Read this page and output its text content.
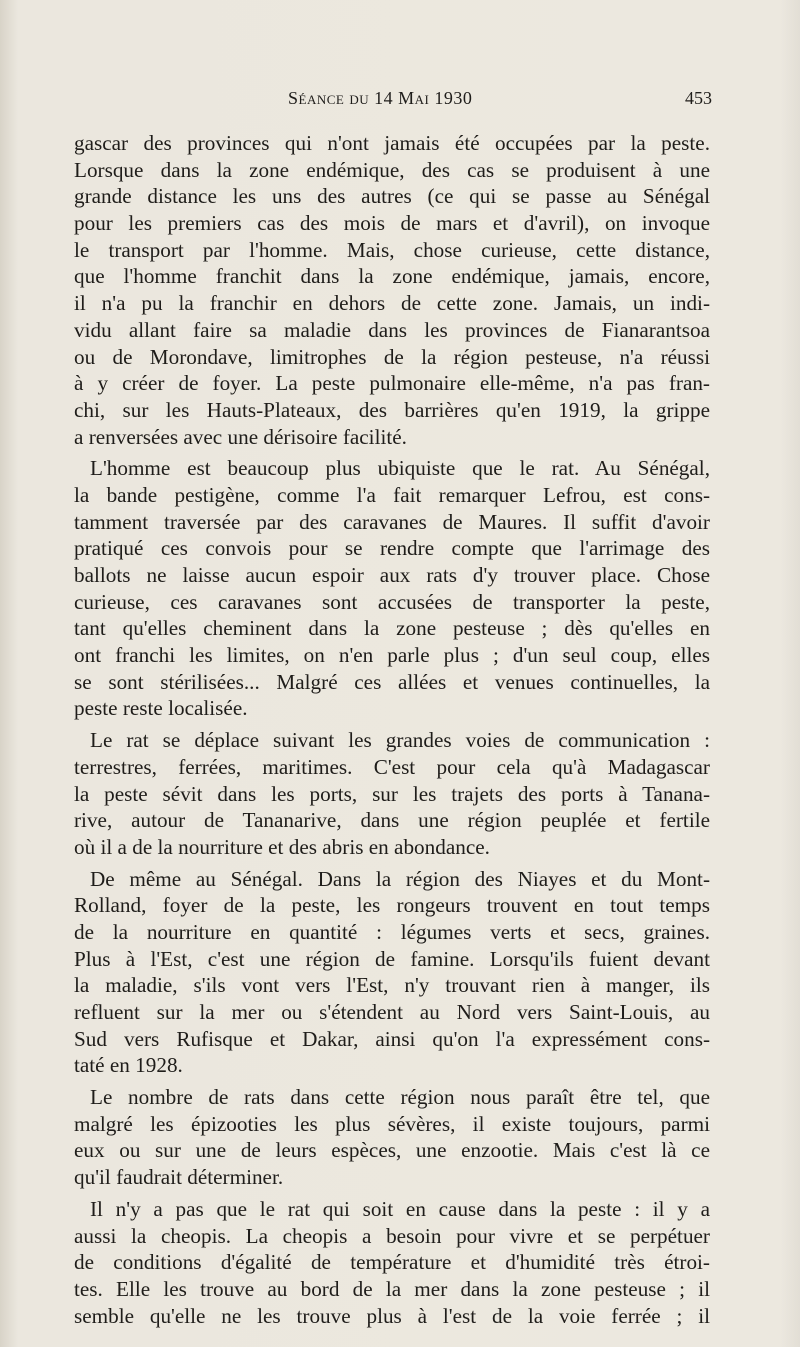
Séance du 14 Mai 1930	453
gascar des provinces qui n'ont jamais été occupées par la peste.
Lorsque dans la zone endémique, des cas se produisent à une
grande distance les uns des autres (ce qui se passe au Sénégal
pour les premiers cas des mois de mars et d'avril), on invoque
le transport par l'homme. Mais, chose curieuse, cette distance,
que l'homme franchit dans la zone endémique, jamais, encore,
il n'a pu la franchir en dehors de cette zone. Jamais, un indi-
vidu allant faire sa maladie dans les provinces de Fianarantsoa
ou de Morondave, limitrophes de la région pesteuse, n'a réussi
à y créer de foyer. La peste pulmonaire elle-même, n'a pas fran-
chi, sur les Hauts-Plateaux, des barrières qu'en 1919, la grippe
a renversées avec une dérisoire facilité.
L'homme est beaucoup plus ubiquiste que le rat. Au Sénégal,
la bande pestigène, comme l'a fait remarquer Lefrou, est cons-
tamment traversée par des caravanes de Maures. Il suffit d'avoir
pratiqué ces convois pour se rendre compte que l'arrimage des
ballots ne laisse aucun espoir aux rats d'y trouver place. Chose
curieuse, ces caravanes sont accusées de transporter la peste,
tant qu'elles cheminent dans la zone pesteuse ; dès qu'elles en
ont franchi les limites, on n'en parle plus ; d'un seul coup, elles
se sont stérilisées... Malgré ces allées et venues continuelles, la
peste reste localisée.
Le rat se déplace suivant les grandes voies de communication :
terrestres, ferrées, maritimes. C'est pour cela qu'à Madagascar
la peste sévit dans les ports, sur les trajets des ports à Tanana-
rive, autour de Tananarive, dans une région peuplée et fertile
où il a de la nourriture et des abris en abondance.
De même au Sénégal. Dans la région des Niayes et du Mont-
Rolland, foyer de la peste, les rongeurs trouvent en tout temps
de la nourriture en quantité : légumes verts et secs, graines.
Plus à l'Est, c'est une région de famine. Lorsqu'ils fuient devant
la maladie, s'ils vont vers l'Est, n'y trouvant rien à manger, ils
refluent sur la mer ou s'étendent au Nord vers Saint-Louis, au
Sud vers Rufisque et Dakar, ainsi qu'on l'a expressément cons-
taté en 1928.
Le nombre de rats dans cette région nous paraît être tel, que
malgré les épizooties les plus sévères, il existe toujours, parmi
eux ou sur une de leurs espèces, une enzootie. Mais c'est là ce
qu'il faudrait déterminer.
Il n'y a pas que le rat qui soit en cause dans la peste : il y a
aussi la cheopis. La cheopis a besoin pour vivre et se perpétuer
de conditions d'égalité de température et d'humidité très étroi-
tes. Elle les trouve au bord de la mer dans la zone pesteuse ; il
semble qu'elle ne les trouve plus à l'est de la voie ferrée ; il
